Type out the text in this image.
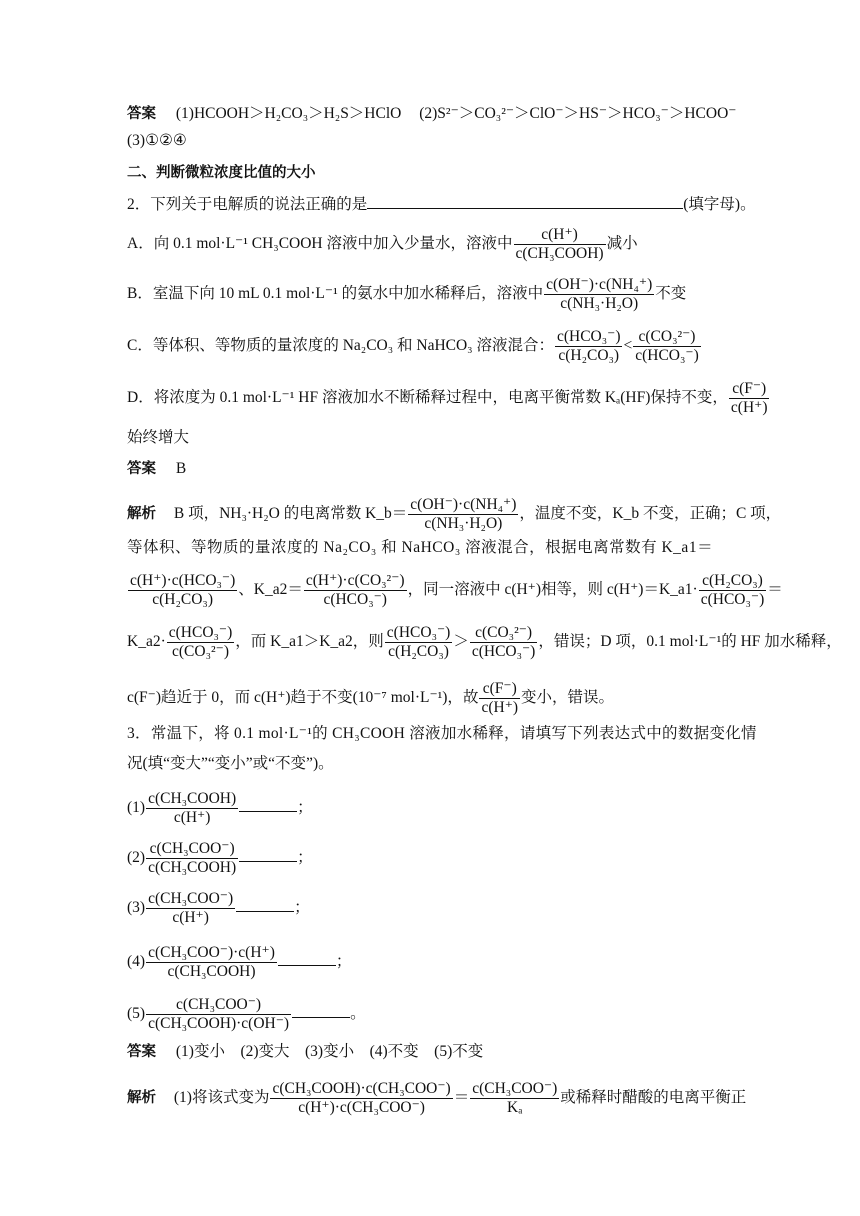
答案 (1)HCOOH＞H₂CO₃＞H₂S＞HClO (2)S²⁻＞CO₃²⁻＞ClO⁻＞HS⁻＞HCO₃⁻＞HCOO⁻
(3)①②④
二、判断微粒浓度比值的大小
2．下列关于电解质的说法正确的是	(填字母)。
A．向 0.1 mol·L⁻¹ CH₃COOH 溶液中加入少量水，溶液中 $\frac{c(H^+)}{\text{c(CH₃COOH)}}$ 减小
B．室温下向 10 mL 0.1 mol·L⁻¹ 的氨水中加水稀释后，溶液中 $\frac{\text{c(OH⁻)·c(NH₄⁺)}}{\text{c(NH₃·H₂O)}}$ 不变
C．等体积、等物质的量浓度的 Na₂CO₃ 和 NaHCO₃ 溶液混合： $\frac{\text{c(HCO₃⁻)}}{\text{c(H₂CO₃)}} < \frac{\text{c(CO₃²⁻)}}{\text{c(HCO₃⁻)}}$
D．将浓度为 0.1 mol·L⁻¹ HF 溶液加水不断稀释过程中，电离平衡常数 Kₐ(HF)保持不变， $\frac{c(F^-)}{c(H^+)}$
始终增大
答案 B
解析 B 项，NH₃·H₂O 的电离常数 K_b＝ $\frac{\text{c(OH⁻)·c(NH₄⁺)}}{\text{c(NH₃·H₂O)}}$ ，温度不变，K_b 不变，正确；C 项，
等体积、等物质的量浓度的 Na₂CO₃ 和 NaHCO₃ 溶液混合，根据电离常数有 K_a1＝
$\frac{\text{c(H⁺)·c(HCO₃⁻)}}{\text{c(H₂CO₃)}}$ 、K_a2＝ $\frac{\text{c(H⁺)·c(CO₃²⁻)}}{\text{c(HCO₃⁻)}}$ ，同一溶液中 c(H⁺)相等，则 c(H⁺)＝K_a1· $\frac{\text{c(H₂CO₃)}}{\text{c(HCO₃⁻)}}$ ＝
K_a2· $\frac{\text{c(HCO₃⁻)}}{\text{c(CO₃²⁻)}}$ ，而 K_a1＞K_a2，则 $\frac{\text{c(HCO₃⁻)}}{\text{c(H₂CO₃)}} > \frac{\text{c(CO₃²⁻)}}{\text{c(HCO₃⁻)}}$ ，错误；D 项，0.1 mol·L⁻¹的 HF 加水稀释，
c(F⁻)趋近于 0，而 c(H⁺)趋于不变(10⁻⁷ mol·L⁻¹)，故 $\frac{c(F^-)}{c(H^+)}$ 变小，错误。
3．常温下，将 0.1 mol·L⁻¹的 CH₃COOH 溶液加水稀释，请填写下列表达式中的数据变化情
况(填“变大”“变小”或“不变”)。
$(1) \frac{\text{c(CH₃COOH)}}{c(H^+)}$	；
$(2) \frac{\text{c(CH₃COO⁻)}}{\text{c(CH₃COOH)}}$	；
$(3) \frac{\text{c(CH₃COO⁻)}}{c(H^+)}$	；
$(4) \frac{\text{c(CH₃COO⁻)·c(H⁺)}}{\text{c(CH₃COOH)}}$	；
$(5) \frac{\text{c(CH₃COO⁻)}}{\text{c(CH₃COOH)·c(OH⁻)}}$	。
答案 (1)变小　(2)变大　(3)变小　(4)不变　(5)不变
解析 (1)将该式变为 $\frac{\text{c(CH₃COOH)·c(CH₃COO⁻)}}{\text{c(H⁺)·c(CH₃COO⁻)}} = \frac{\text{c(CH₃COO⁻)}}{\text{Kₐ}}$ 或稀释时醋酸的电离平衡正
